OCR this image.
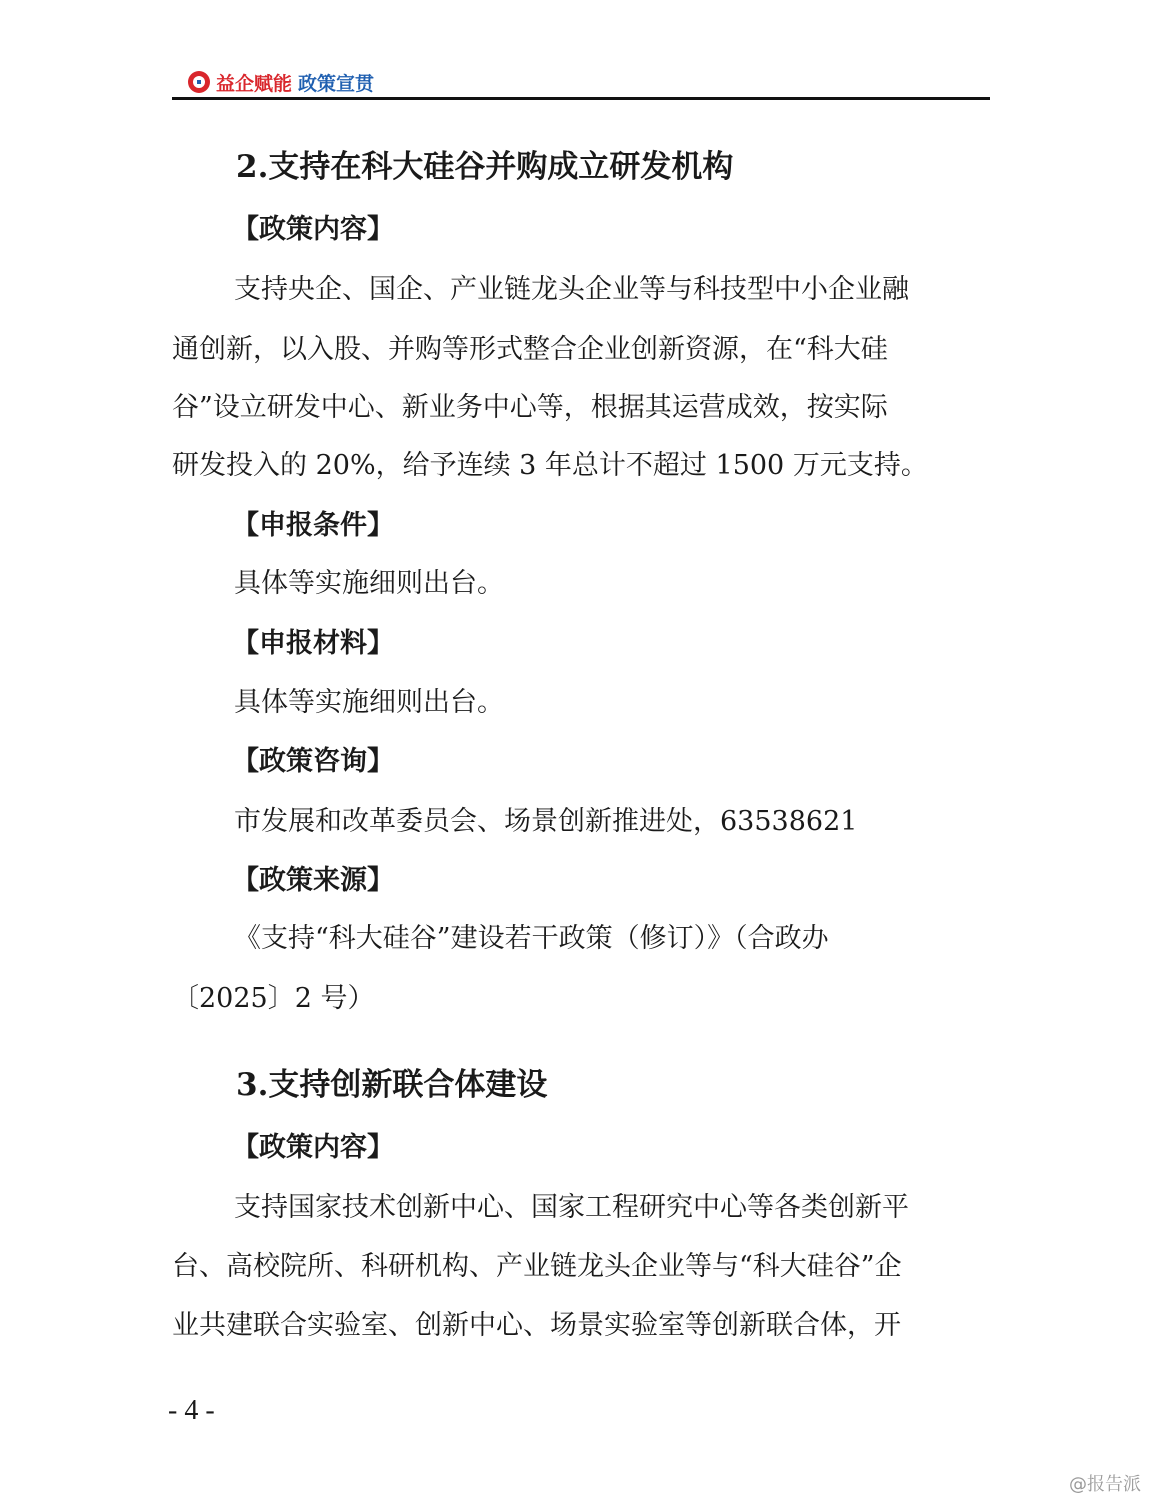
益企赋能 政策宣贯
2.支持在科大硅谷并购成立研发机构
【政策内容】
支持央企、国企、产业链龙头企业等与科技型中小企业融
通创新，以入股、并购等形式整合企业创新资源，在“科大硅
谷”设立研发中心、新业务中心等，根据其运营成效，按实际
研发投入的 20%，给予连续 3 年总计不超过 1500 万元支持。
【申报条件】
具体等实施细则出台。
【申报材料】
具体等实施细则出台。
【政策咨询】
市发展和改革委员会、场景创新推进处，63538621
【政策来源】
《支持“科大硅谷”建设若干政策（修订）》（合政办
〔2025〕2 号）
3.支持创新联合体建设
【政策内容】
支持国家技术创新中心、国家工程研究中心等各类创新平
台、高校院所、科研机构、产业链龙头企业等与“科大硅谷”企
业共建联合实验室、创新中心、场景实验室等创新联合体，开
- 4 -
@报告派
